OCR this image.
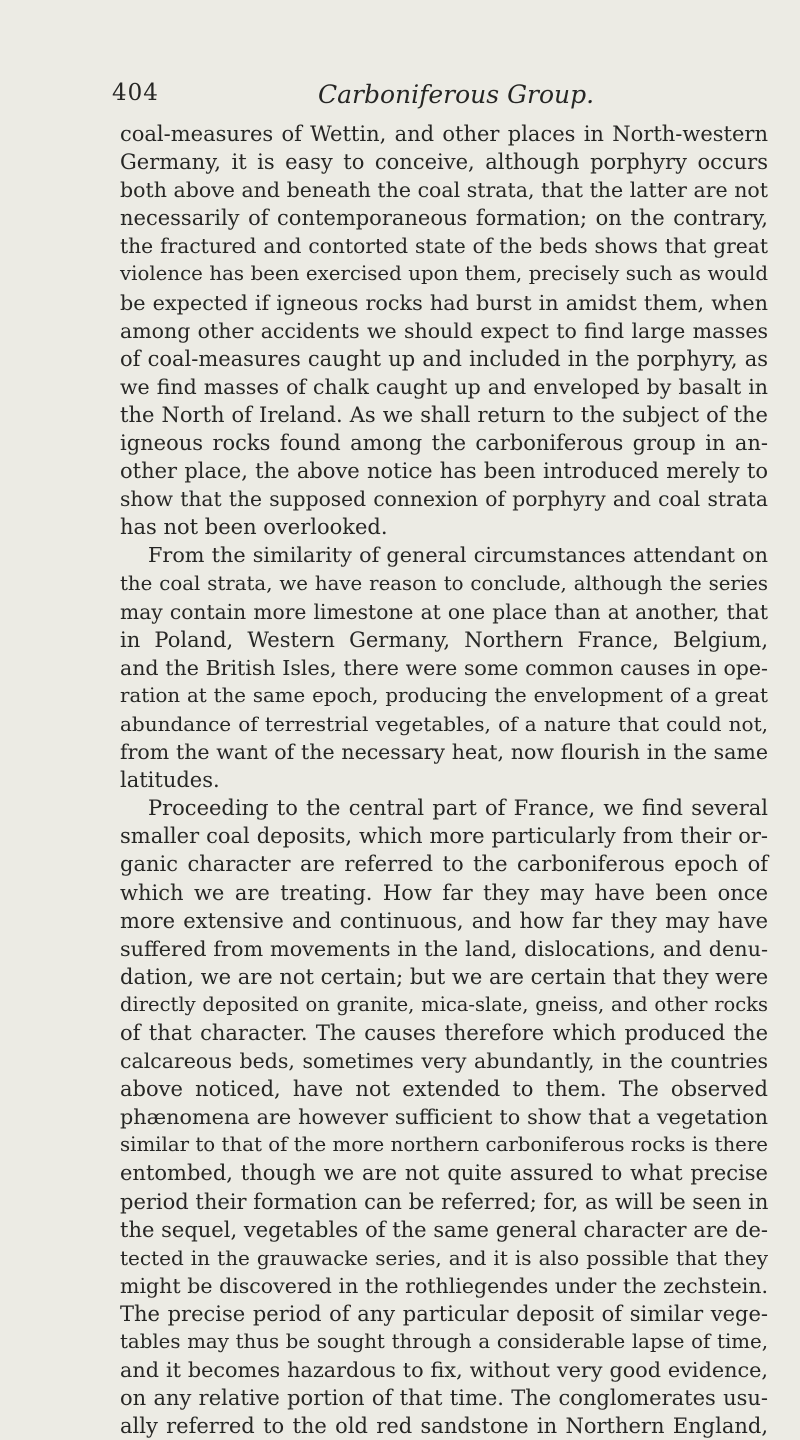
404	Carboniferous Group.
coal-measures of Wettin, and other places in North-western
Germany, it is easy to conceive, although porphyry occurs
both above and beneath the coal strata, that the latter are not
necessarily of contemporaneous formation; on the contrary,
the fractured and contorted state of the beds shows that great
violence has been exercised upon them, precisely such as would
be expected if igneous rocks had burst in amidst them, when
among other accidents we should expect to find large masses
of coal-measures caught up and included in the porphyry, as
we find masses of chalk caught up and enveloped by basalt in
the North of Ireland. As we shall return to the subject of the
igneous rocks found among the carboniferous group in an-
other place, the above notice has been introduced merely to
show that the supposed connexion of porphyry and coal strata
has not been overlooked.
From the similarity of general circumstances attendant on
the coal strata, we have reason to conclude, although the series
may contain more limestone at one place than at another, that
in Poland, Western Germany, Northern France, Belgium,
and the British Isles, there were some common causes in ope-
ration at the same epoch, producing the envelopment of a great
abundance of terrestrial vegetables, of a nature that could not,
from the want of the necessary heat, now flourish in the same
latitudes.
Proceeding to the central part of France, we find several
smaller coal deposits, which more particularly from their or-
ganic character are referred to the carboniferous epoch of
which we are treating. How far they may have been once
more extensive and continuous, and how far they may have
suffered from movements in the land, dislocations, and denu-
dation, we are not certain; but we are certain that they were
directly deposited on granite, mica-slate, gneiss, and other rocks
of that character. The causes therefore which produced the
calcareous beds, sometimes very abundantly, in the countries
above noticed, have not extended to them. The observed
phænomena are however sufficient to show that a vegetation
similar to that of the more northern carboniferous rocks is there
entombed, though we are not quite assured to what precise
period their formation can be referred; for, as will be seen in
the sequel, vegetables of the same general character are de-
tected in the grauwacke series, and it is also possible that they
might be discovered in the rothliegendes under the zechstein.
The precise period of any particular deposit of similar vege-
tables may thus be sought through a considerable lapse of time,
and it becomes hazardous to fix, without very good evidence,
on any relative portion of that time. The conglomerates usu-
ally referred to the old red sandstone in Northern England,
